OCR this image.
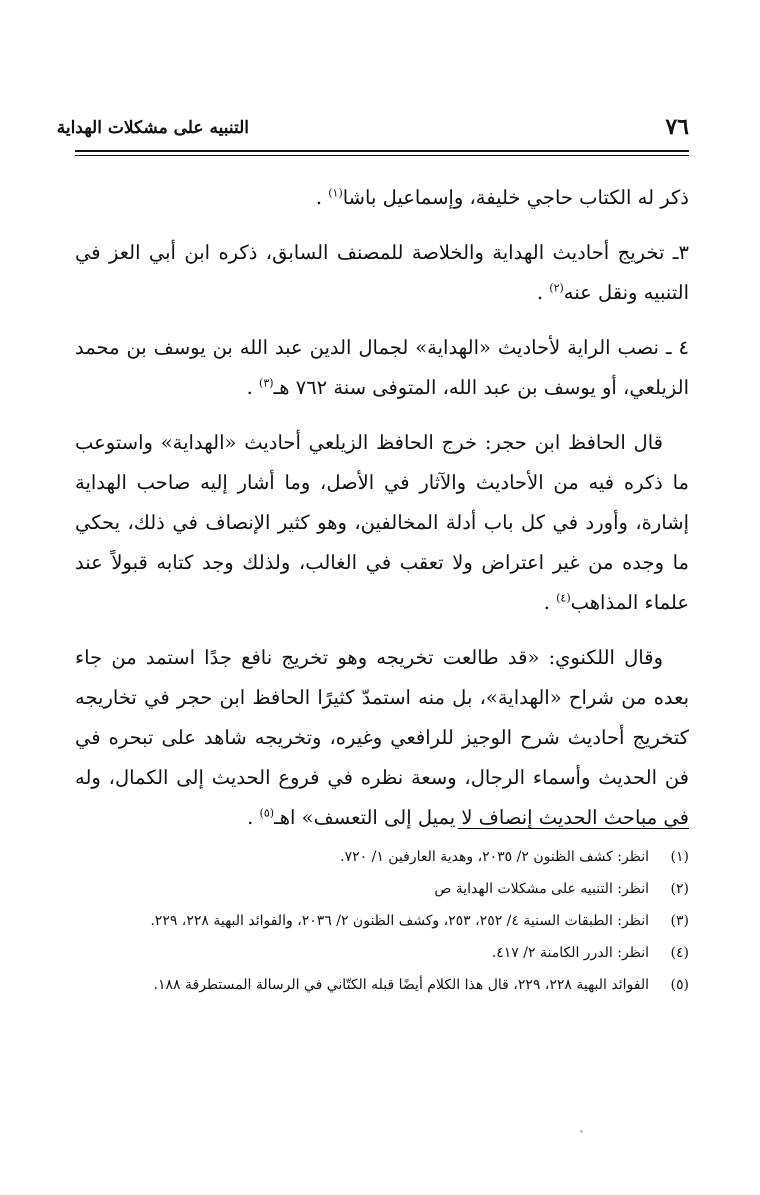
التنبيه على مشكلات الهداية	٧٦

ذكر له الكتاب حاجي خليفة، وإسماعيل باشا$^{(١)}$ .

٣ـ تخريج أحاديث الهداية والخلاصة للمصنف السابق، ذكره ابن أبي العز في التنبيه ونقل عنه$^{(٢)}$ .

٤ ـ نصب الراية لأحاديث «الهداية» لجمال الدين عبد الله بن يوسف بن محمد الزيلعي، أو يوسف بن عبد الله، المتوفى سنة ٧٦٢ هـ$^{(٣)}$ .

قال الحافظ ابن حجر: خرج الحافظ الزيلعي أحاديث «الهداية» واستوعب ما ذكره فيه من الأحاديث والآثار في الأصل، وما أشار إليه صاحب الهداية إشارة، وأورد في كل باب أدلة المخالفين، وهو كثير الإنصاف في ذلك، يحكي ما وجده من غير اعتراض ولا تعقب في الغالب، ولذلك وجد كتابه قبولاً عند علماء المذاهب$^{(٤)}$ .

وقال اللكنوي: «قد طالعت تخريجه وهو تخريج نافع جدًا استمد من جاء بعده من شراح «الهداية»، بل منه استمدّ كثيرًا الحافظ ابن حجر في تخاريجه كتخريج أحاديث شرح الوجيز للرافعي وغيره، وتخريجه شاهد على تبحره في فن الحديث وأسماء الرجال، وسعة نظره في فروع الحديث إلى الكمال، وله في مباحث الحديث إنصاف لا يميل إلى التعسف» اهـ$^{(٥)}$ .

(١)
انظر: كشف الظنون ٢/ ٢٠٣٥، وهدية العارفين ١/ ٧٢٠.
(٢)
انظر: التنبيه على مشكلات الهداية ص
(٣)
انظر: الطبقات السنية ٤/ ٢٥٢، ٢٥٣، وكشف الظنون ٢/ ٢٠٣٦، والفوائد البهية ٢٢٨، ٢٢٩.
(٤)
انظر: الدرر الكامنة ٢/ ٤١٧.
(٥)
الفوائد البهية ٢٢٨، ٢٢٩، قال هذا الكلام أيضًا قبله الكتّاني في الرسالة المستطرفة ١٨٨.
